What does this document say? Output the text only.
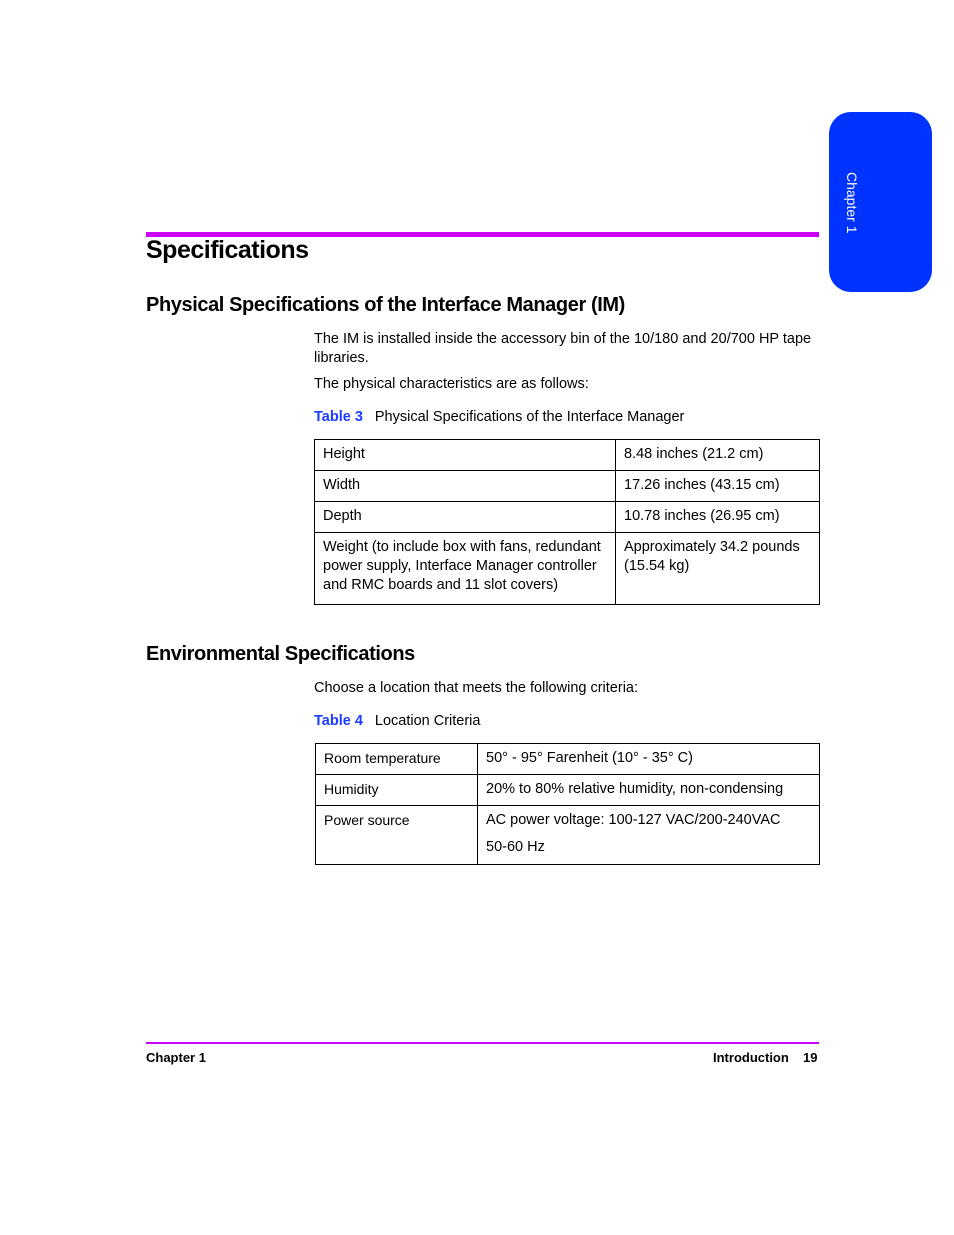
Chapter 1
Specifications
Physical Specifications of the Interface Manager (IM)
The IM is installed inside the accessory bin of the 10/180 and 20/700 HP tape libraries.
The physical characteristics are as follows:
Table 3 Physical Specifications of the Interface Manager
Height	8.48 inches (21.2 cm)
Width	17.26 inches (43.15 cm)
Depth	10.78 inches (26.95 cm)
Weight (to include box with fans, redundant power supply, Interface Manager controller and RMC boards and 11 slot covers)	Approximately 34.2 pounds (15.54 kg)
Environmental Specifications
Choose a location that meets the following criteria:
Table 4 Location Criteria
Room temperature	50° - 95° Farenheit (10° - 35° C)
Humidity	20% to 80% relative humidity, non-condensing
Power source	AC power voltage: 100-127 VAC/200-240VAC
50-60 Hz
Chapter 1	Introduction 19
